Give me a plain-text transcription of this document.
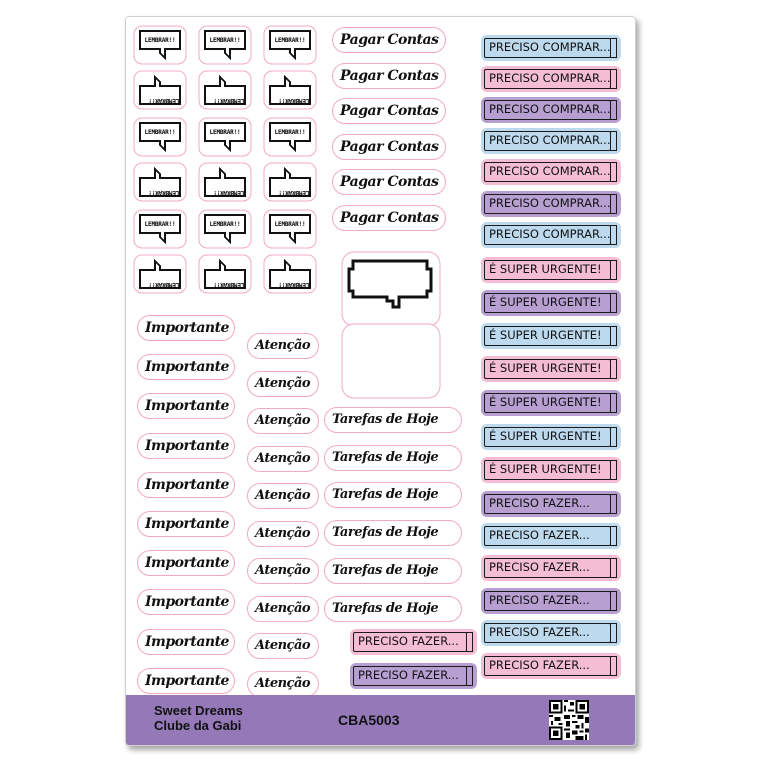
LEMBRAR!!	LEMBRAR!!	LEMBRAR!!
LEMBRAR!!	LEMBRAR!!	LEMBRAR!!
LEMBRAR!!	LEMBRAR!!	LEMBRAR!!
LEMBRAR!!	LEMBRAR!!	LEMBRAR!!
LEMBRAR!!	LEMBRAR!!	LEMBRAR!!
LEMBRAR!!	LEMBRAR!!	LEMBRAR!!
Pagar Contas
Pagar Contas
Pagar Contas
Pagar Contas
Pagar Contas
Pagar Contas
Importante
Importante
Importante
Importante
Importante
Importante
Importante
Importante
Importante
Importante
Atenção
Atenção
Atenção
Atenção
Atenção
Atenção
Atenção
Atenção
Atenção
Atenção
Tarefas de Hoje
Tarefas de Hoje
Tarefas de Hoje
Tarefas de Hoje
Tarefas de Hoje
Tarefas de Hoje
PRECISO COMPRAR...
PRECISO COMPRAR...
PRECISO COMPRAR...
PRECISO COMPRAR...
PRECISO COMPRAR...
PRECISO COMPRAR...
PRECISO COMPRAR...
É SUPER URGENTE!
É SUPER URGENTE!
É SUPER URGENTE!
É SUPER URGENTE!
É SUPER URGENTE!
É SUPER URGENTE!
É SUPER URGENTE!
PRECISO FAZER...
PRECISO FAZER...
PRECISO FAZER...
PRECISO FAZER...
PRECISO FAZER...
PRECISO FAZER...
PRECISO FAZER...
PRECISO FAZER...
Sweet Dreams
Clube da Gabi	CBA5003
